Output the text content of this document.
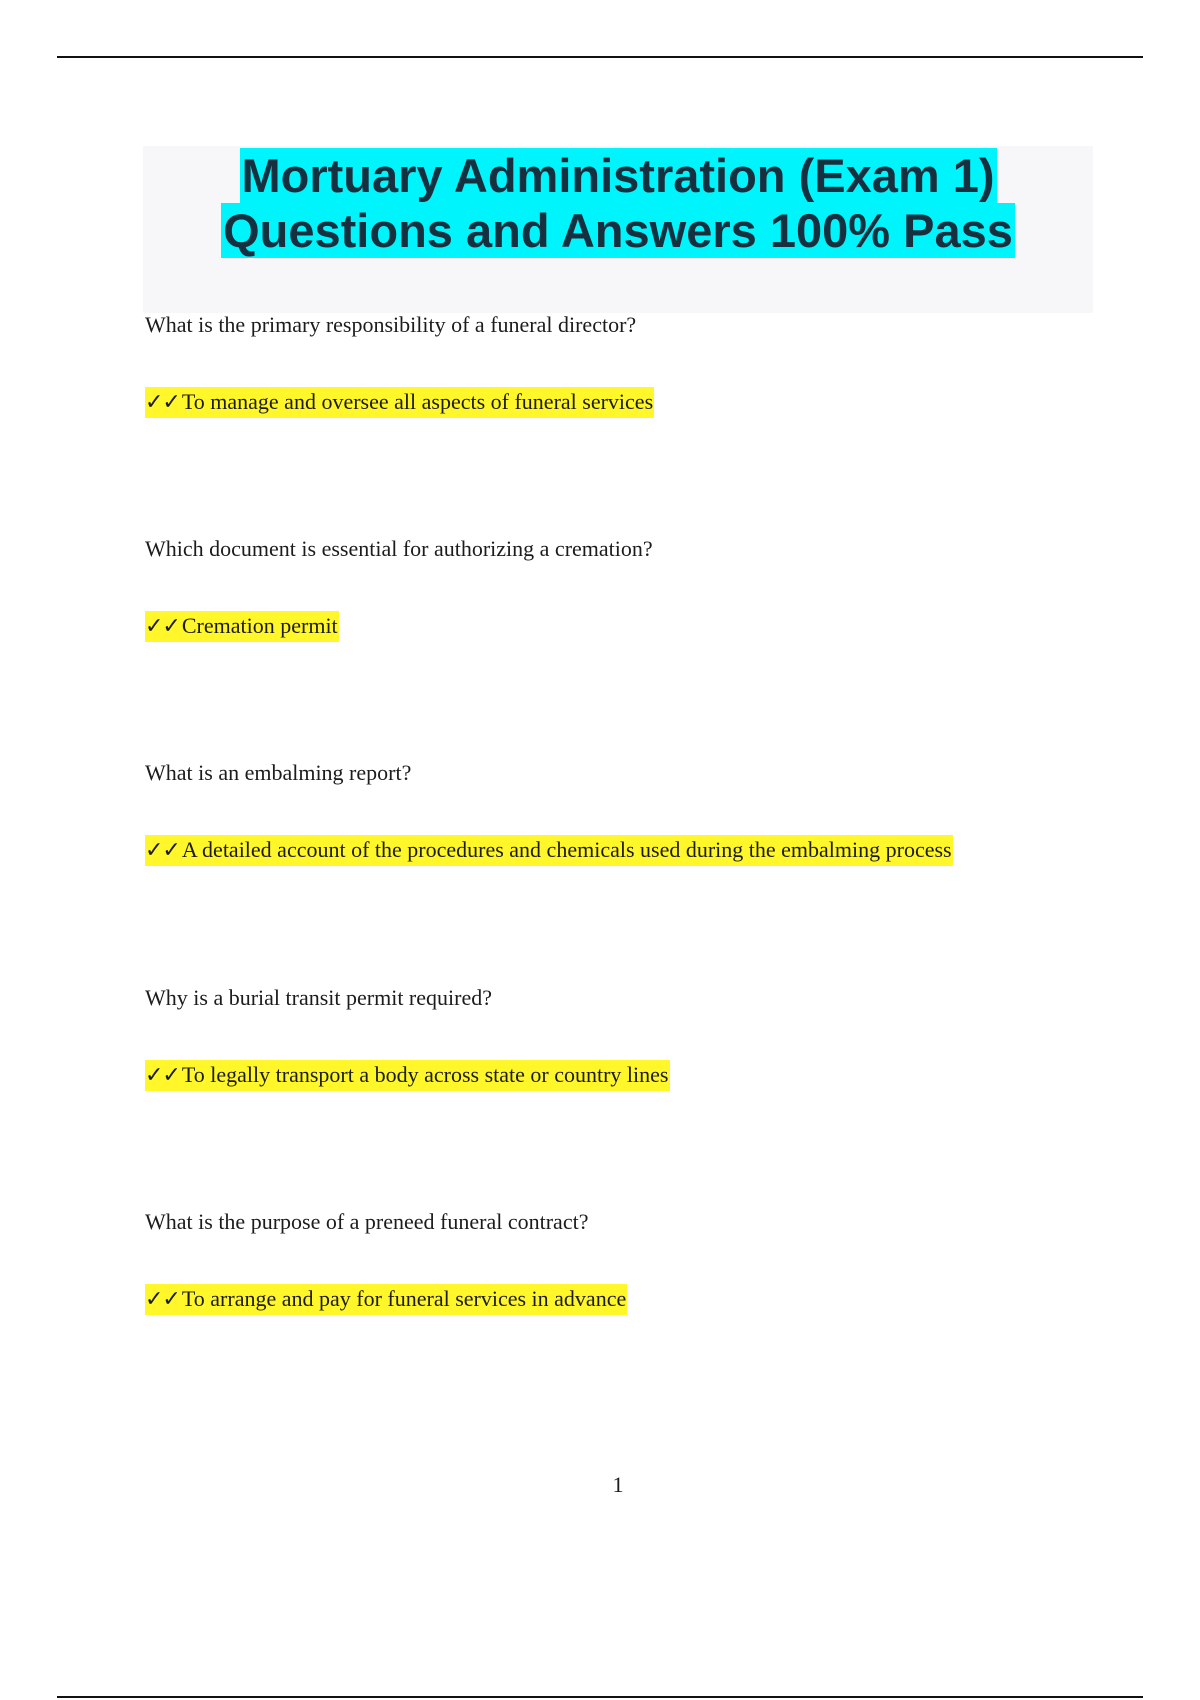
Mortuary Administration (Exam 1)
Questions and Answers 100% Pass
What is the primary responsibility of a funeral director?
✓✓To manage and oversee all aspects of funeral services
Which document is essential for authorizing a cremation?
✓✓Cremation permit
What is an embalming report?
✓✓A detailed account of the procedures and chemicals used during the embalming process
Why is a burial transit permit required?
✓✓To legally transport a body across state or country lines
What is the purpose of a preneed funeral contract?
✓✓To arrange and pay for funeral services in advance
1
